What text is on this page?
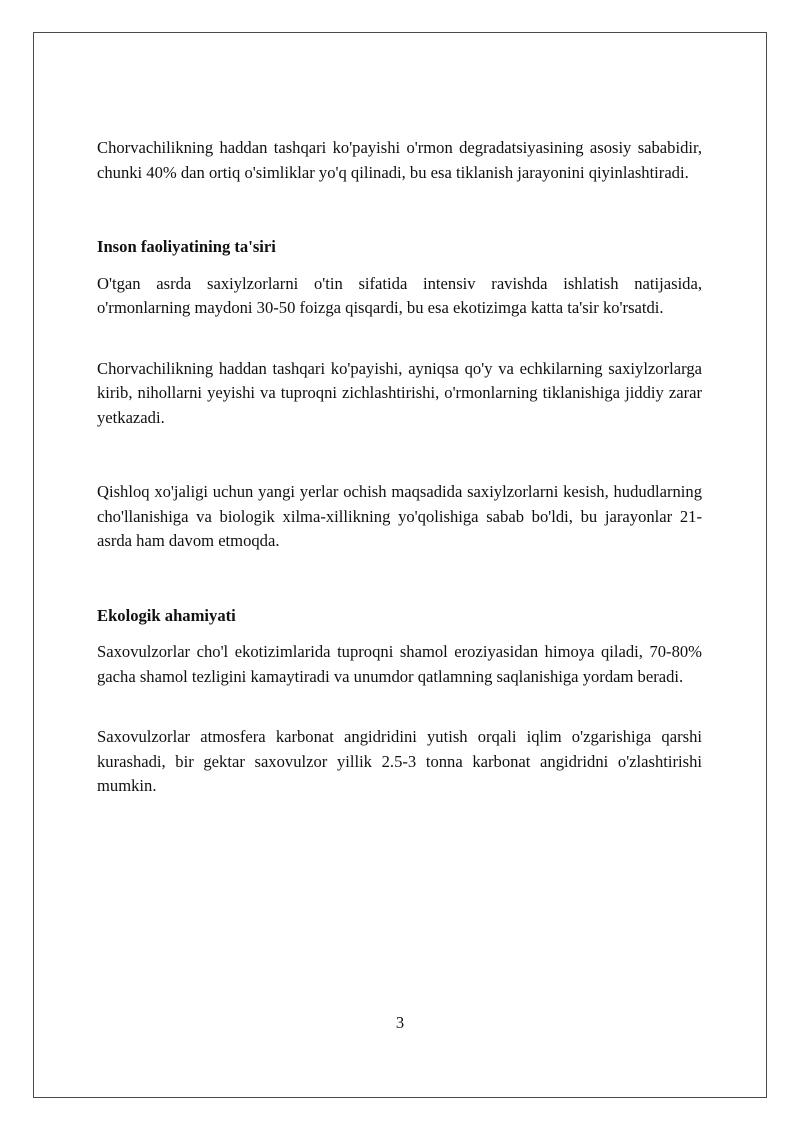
Chorvachilikning haddan tashqari ko'payishi o'rmon degradatsiyasining asosiy sababidir, chunki 40% dan ortiq o'simliklar yo'q qilinadi, bu esa tiklanish jarayonini qiyinlashtiradi.

Inson faoliyatining ta'siri

O'tgan asrda saxiylzorlarni o'tin sifatida intensiv ravishda ishlatish natijasida, o'rmonlarning maydoni 30-50 foizga qisqardi, bu esa ekotizimga katta ta'sir ko'rsatdi.

Chorvachilikning haddan tashqari ko'payishi, ayniqsa qo'y va echkilarning saxiylzorlarga kirib, nihollarni yeyishi va tuproqni zichlashtirishi, o'rmonlarning tiklanishiga jiddiy zarar yetkazadi.

Qishloq xo'jaligi uchun yangi yerlar ochish maqsadida saxiylzorlarni kesish, hududlarning cho'llanishiga va biologik xilma-xillikning yo'qolishiga sabab bo'ldi, bu jarayonlar 21-asrda ham davom etmoqda.

Ekologik ahamiyati

Saxovulzorlar cho'l ekotizimlarida tuproqni shamol eroziyasidan himoya qiladi, 70-80% gacha shamol tezligini kamaytiradi va unumdor qatlamning saqlanishiga yordam beradi.

Saxovulzorlar atmosfera karbonat angidridini yutish orqali iqlim o'zgarishiga qarshi kurashadi, bir gektar saxovulzor yillik 2.5-3 tonna karbonat angidridni o'zlashtirishi mumkin.

3
